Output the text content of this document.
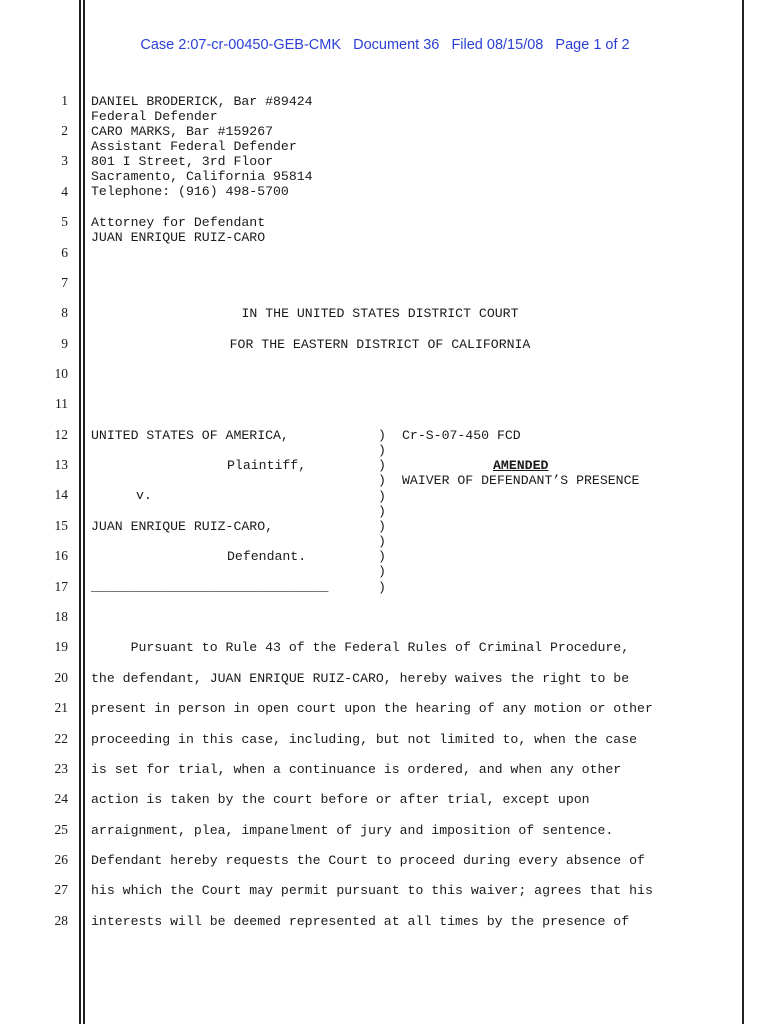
Case 2:07-cr-00450-GEB-CMK   Document 36   Filed 08/15/08   Page 1 of 2
1
2
3
4
5
6
7
8
9
10
11
12
13
14
15
16
17
18
19
20
21
22
23
24
25
26
27
28
DANIEL BRODERICK, Bar #89424
Federal Defender
CARO MARKS, Bar #159267
Assistant Federal Defender
801 I Street, 3rd Floor
Sacramento, California 95814
Telephone: (916) 498-5700
Attorney for Defendant
JUAN ENRIQUE RUIZ-CARO
IN THE UNITED STATES DISTRICT COURT
FOR THE EASTERN DISTRICT OF CALIFORNIA
UNITED STATES OF AMERICA,
Plaintiff,
v.
JUAN ENRIQUE RUIZ-CARO,
Defendant.
______________________________
)
)
)
)
)
)
)
)
)
)
)
Cr-S-07-450 FCD
AMENDED
WAIVER OF DEFENDANT’S PRESENCE
Pursuant to Rule 43 of the Federal Rules of Criminal Procedure,
the defendant, JUAN ENRIQUE RUIZ-CARO, hereby waives the right to be
present in person in open court upon the hearing of any motion or other
proceeding in this case, including, but not limited to, when the case
is set for trial, when a continuance is ordered, and when any other
action is taken by the court before or after trial, except upon
arraignment, plea, impanelment of jury and imposition of sentence.
Defendant hereby requests the Court to proceed during every absence of
his which the Court may permit pursuant to this waiver; agrees that his
interests will be deemed represented at all times by the presence of
